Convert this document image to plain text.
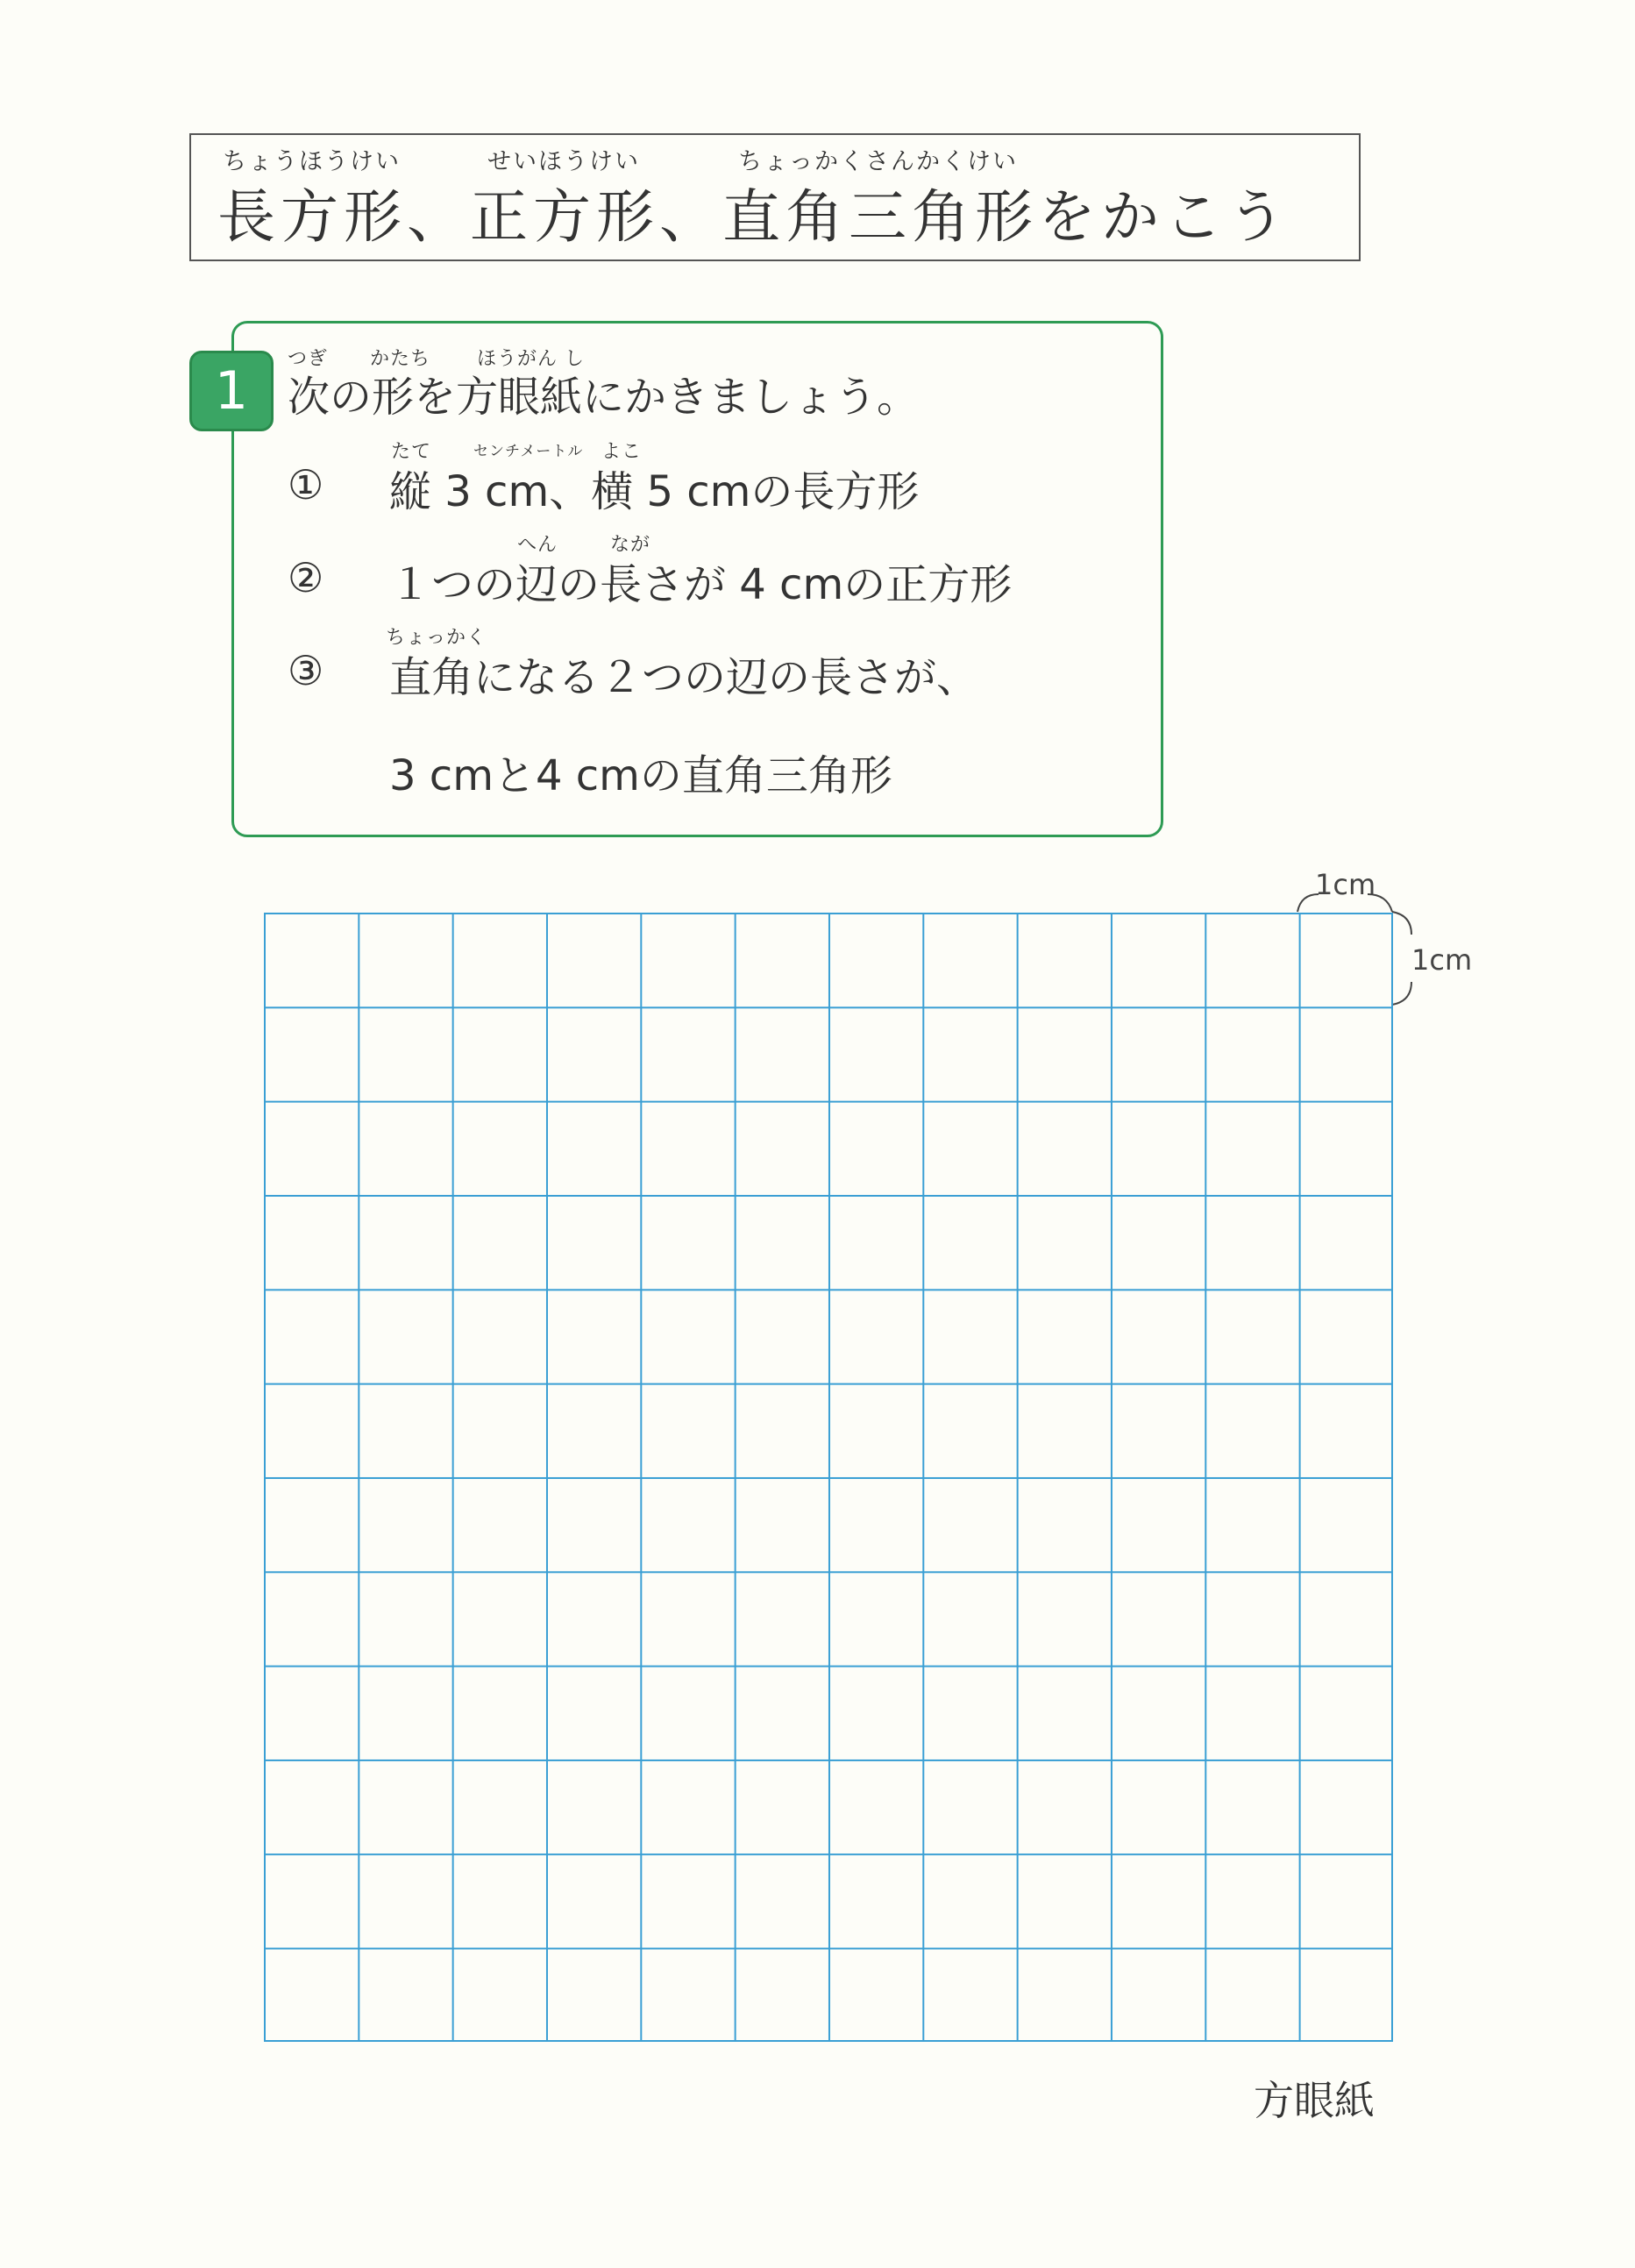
ちょうほうけい	せいほうけい	ちょっかくさんかくけい
長方形、正方形、直角三角形をかこう
1
つぎ かたち ほうがん し
次の形を方眼紙にかきましょう。
たて	センチメートル よこ
① 縦 3 cm、横 5 cmの長方形
へん	なが
② １つの辺の長さが 4 cmの正方形
ちょっかく
③ 直角になる２つの辺の長さが、
3 cmと4 cmの直角三角形
1cm
1cm
方眼紙
